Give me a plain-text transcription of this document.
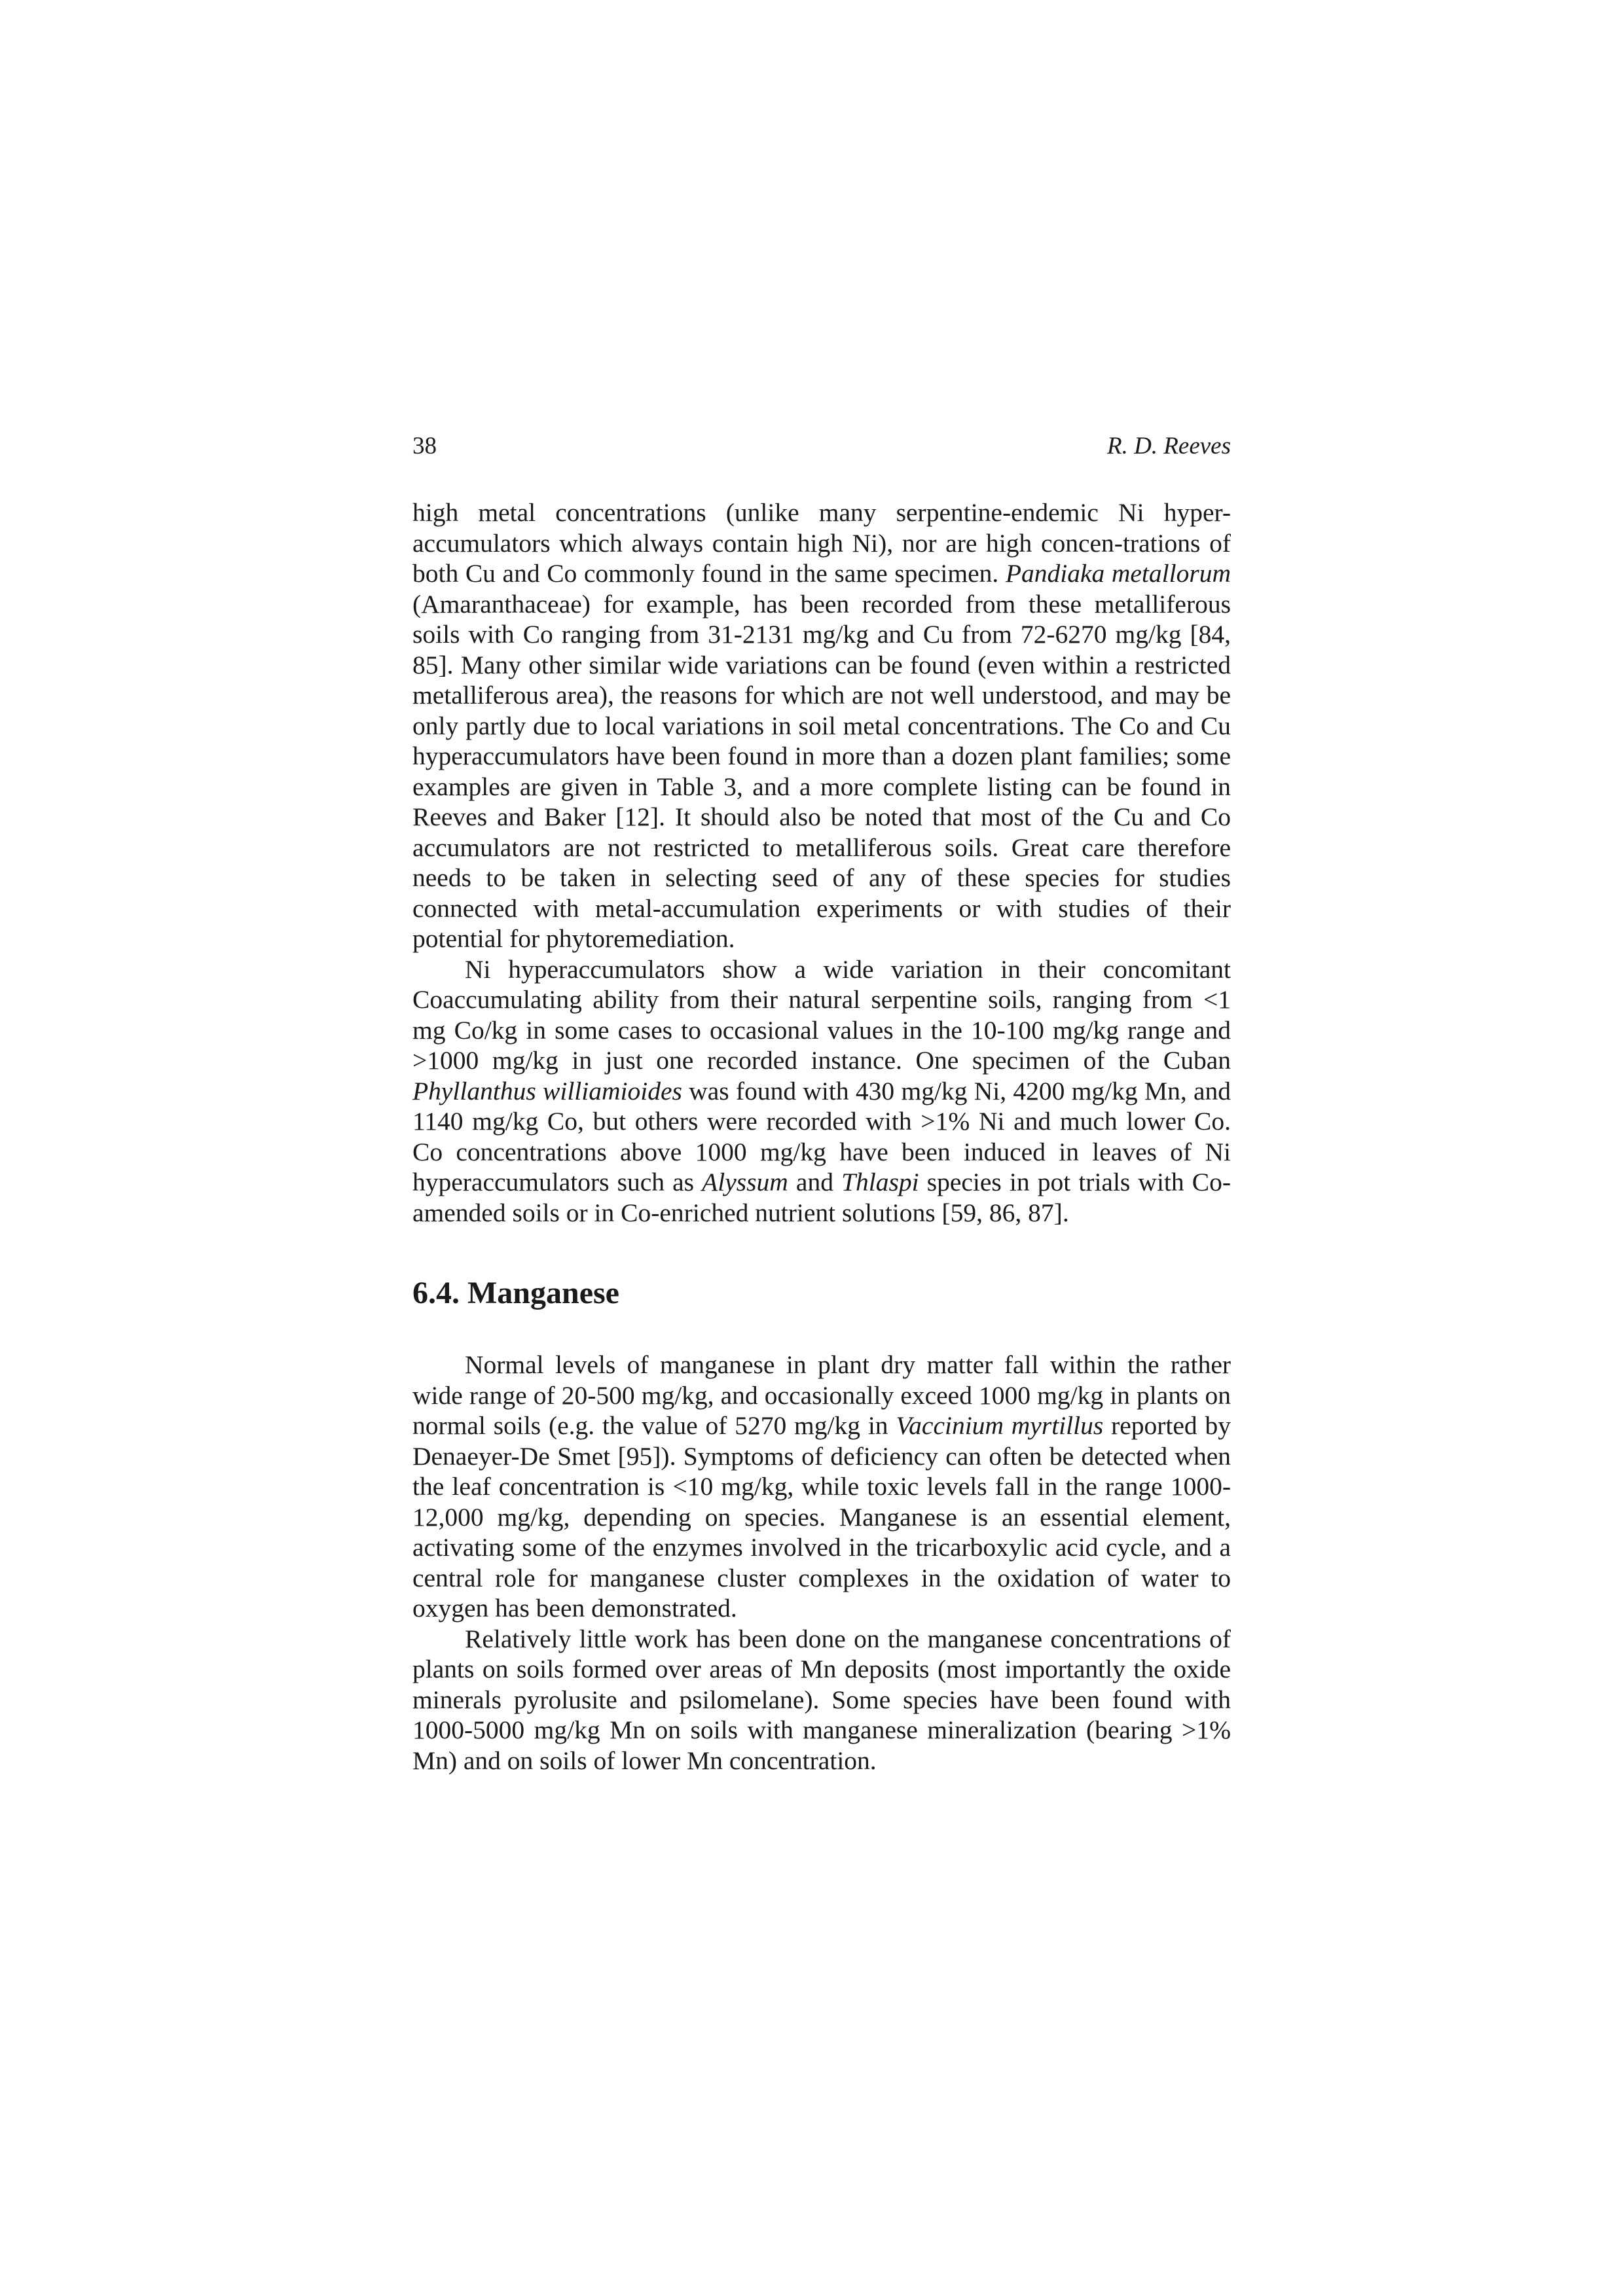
38	R. D. Reeves

high metal concentrations (unlike many serpentine-endemic Ni hyper-accumulators which always contain high Ni), nor are high concen-trations of both Cu and Co commonly found in the same specimen. Pandiaka metallorum (Amaranthaceae) for example, has been recorded from these metalliferous soils with Co ranging from 31-2131 mg/kg and Cu from 72-6270 mg/kg [84, 85]. Many other similar wide variations can be found (even within a restricted metalliferous area), the reasons for which are not well understood, and may be only partly due to local variations in soil metal concentrations. The Co and Cu hyperaccumulators have been found in more than a dozen plant families; some examples are given in Table 3, and a more complete listing can be found in Reeves and Baker [12]. It should also be noted that most of the Cu and Co accumulators are not restricted to metalliferous soils. Great care therefore needs to be taken in selecting seed of any of these species for studies connected with metal-accumulation experiments or with studies of their potential for phytoremediation.

Ni hyperaccumulators show a wide variation in their concomitant Coaccumulating ability from their natural serpentine soils, ranging from <1 mg Co/kg in some cases to occasional values in the 10-100 mg/kg range and >1000 mg/kg in just one recorded instance. One specimen of the Cuban Phyllanthus williamioides was found with 430 mg/kg Ni, 4200 mg/kg Mn, and 1140 mg/kg Co, but others were recorded with >1% Ni and much lower Co. Co concentrations above 1000 mg/kg have been induced in leaves of Ni hyperaccumulators such as Alyssum and Thlaspi species in pot trials with Co-amended soils or in Co-enriched nutrient solutions [59, 86, 87].

6.4. Manganese

Normal levels of manganese in plant dry matter fall within the rather wide range of 20-500 mg/kg, and occasionally exceed 1000 mg/kg in plants on normal soils (e.g. the value of 5270 mg/kg in Vaccinium myrtillus reported by Denaeyer-De Smet [95]). Symptoms of deficiency can often be detected when the leaf concentration is <10 mg/kg, while toxic levels fall in the range 1000-12,000 mg/kg, depending on species. Manganese is an essential element, activating some of the enzymes involved in the tricarboxylic acid cycle, and a central role for manganese cluster complexes in the oxidation of water to oxygen has been demonstrated.

Relatively little work has been done on the manganese concentrations of plants on soils formed over areas of Mn deposits (most importantly the oxide minerals pyrolusite and psilomelane). Some species have been found with 1000-5000 mg/kg Mn on soils with manganese mineralization (bearing >1% Mn) and on soils of lower Mn concentration.
